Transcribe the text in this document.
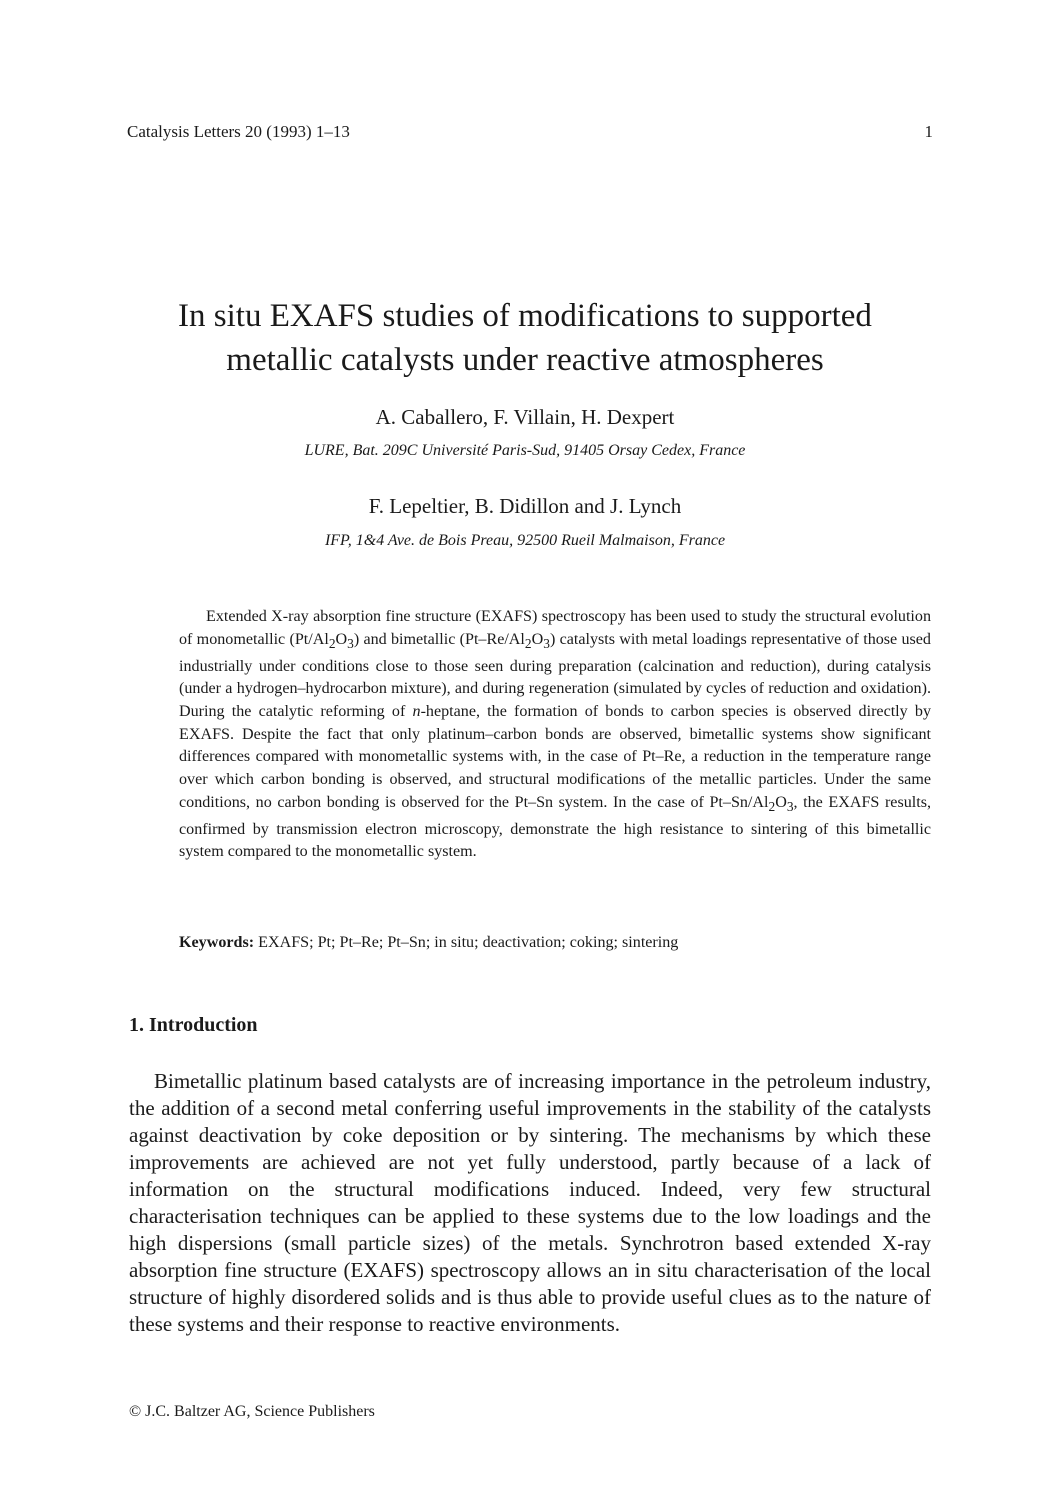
Catalysis Letters 20 (1993) 1–13	1
In situ EXAFS studies of modifications to supported
metallic catalysts under reactive atmospheres
A. Caballero, F. Villain, H. Dexpert
LURE, Bat. 209C Université Paris-Sud, 91405 Orsay Cedex, France
F. Lepeltier, B. Didillon and J. Lynch
IFP, 1&4 Ave. de Bois Preau, 92500 Rueil Malmaison, France

Extended X-ray absorption fine structure (EXAFS) spectroscopy has been used to study the structural evolution of monometallic $(Pt/Al_2O_3)$ and bimetallic $(Pt-Re/Al_2O_3)$ catalysts with metal loadings representative of those used industrially under conditions close to those seen during preparation (calcination and reduction), during catalysis (under a hydrogen–hydrocarbon mixture), and during regeneration (simulated by cycles of reduction and oxidation). During the catalytic reforming of n-heptane, the formation of bonds to carbon species is observed directly by EXAFS. Despite the fact that only platinum–carbon bonds are observed, bimetallic systems show significant differences compared with monometallic systems with, in the case of Pt–Re, a reduction in the temperature range over which carbon bonding is observed, and structural modifications of the metallic particles. Under the same conditions, no carbon bonding is observed for the Pt–Sn system. In the case of $Pt-Sn/Al_2O_3$, the EXAFS results, confirmed by transmission electron microscopy, demonstrate the high resistance to sintering of this bimetallic system compared to the monometallic system.

Keywords: EXAFS; Pt; Pt–Re; Pt–Sn; in situ; deactivation; coking; sintering
1. Introduction

Bimetallic platinum based catalysts are of increasing importance in the petroleum industry, the addition of a second metal conferring useful improvements in the stability of the catalysts against deactivation by coke deposition or by sintering. The mechanisms by which these improvements are achieved are not yet fully understood, partly because of a lack of information on the structural modifications induced. Indeed, very few structural characterisation techniques can be applied to these systems due to the low loadings and the high dispersions (small particle sizes) of the metals. Synchrotron based extended X-ray absorption fine structure (EXAFS) spectroscopy allows an in situ characterisation of the local structure of highly disordered solids and is thus able to provide useful clues as to the nature of these systems and their response to reactive environments.

© J.C. Baltzer AG, Science Publishers
